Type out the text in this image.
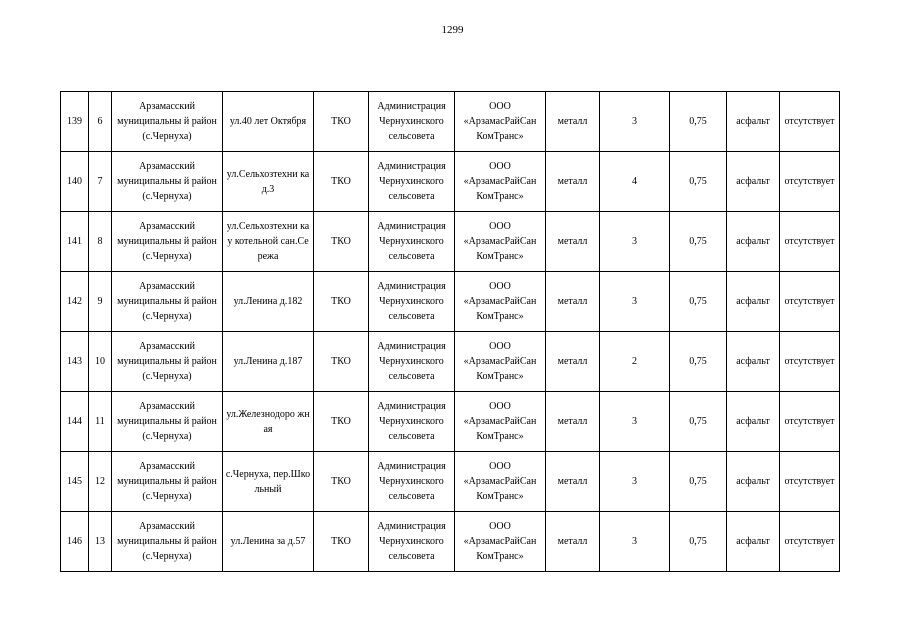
1299
139	6	Арзамасский муниципальны й район (с.Чернуха)	ул.40 лет Октября	ТКО	Администрация Чернухинского сельсовета	ООО «АрзамасРайСан КомТранс»	металл	3	0,75	асфальт	отсутствует
140	7	Арзамасский муниципальны й район (с.Чернуха)	ул.Сельхозтехни ка д.3	ТКО	Администрация Чернухинского сельсовета	ООО «АрзамасРайСан КомТранс»	металл	4	0,75	асфальт	отсутствует
141	8	Арзамасский муниципальны й район (с.Чернуха)	ул.Сельхозтехни ка у котельной сан.Сережа	ТКО	Администрация Чернухинского сельсовета	ООО «АрзамасРайСан КомТранс»	металл	3	0,75	асфальт	отсутствует
142	9	Арзамасский муниципальны й район (с.Чернуха)	ул.Ленина д.182	ТКО	Администрация Чернухинского сельсовета	ООО «АрзамасРайСан КомТранс»	металл	3	0,75	асфальт	отсутствует
143	10	Арзамасский муниципальны й район (с.Чернуха)	ул.Ленина д.187	ТКО	Администрация Чернухинского сельсовета	ООО «АрзамасРайСан КомТранс»	металл	2	0,75	асфальт	отсутствует
144	11	Арзамасский муниципальны й район (с.Чернуха)	ул.Железнодоро жная	ТКО	Администрация Чернухинского сельсовета	ООО «АрзамасРайСан КомТранс»	металл	3	0,75	асфальт	отсутствует
145	12	Арзамасский муниципальны й район (с.Чернуха)	с.Чернуха, пер.Школьный	ТКО	Администрация Чернухинского сельсовета	ООО «АрзамасРайСан КомТранс»	металл	3	0,75	асфальт	отсутствует
146	13	Арзамасский муниципальны й район (с.Чернуха)	ул.Ленина за д.57	ТКО	Администрация Чернухинского сельсовета	ООО «АрзамасРайСан КомТранс»	металл	3	0,75	асфальт	отсутствует
